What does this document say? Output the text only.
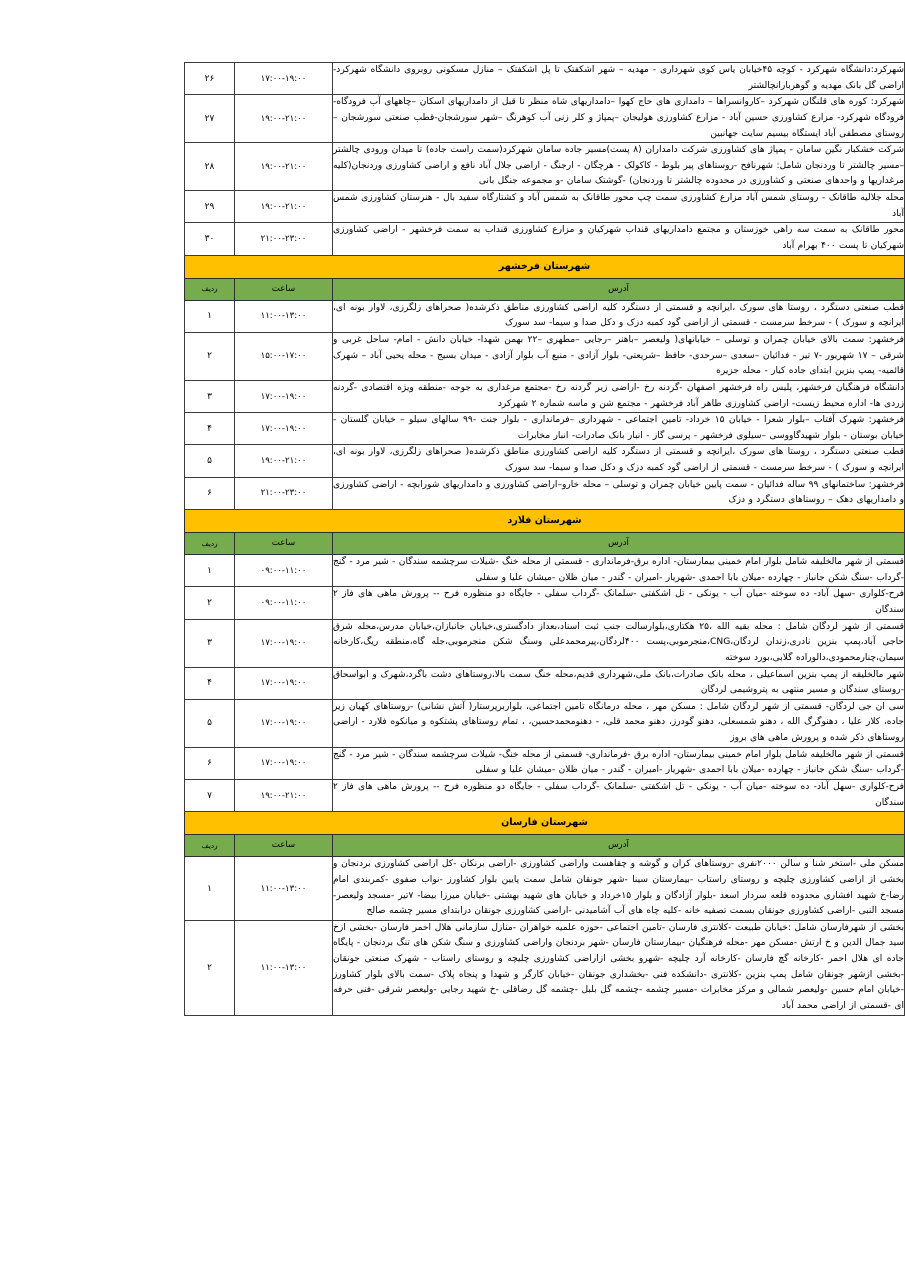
شهرکرد:دانشگاه شهرکرد - کوچه ۴۵خیابان یاس کوی شهرداری - مهدیه – شهر اشکفتک تا پل اشکفتک – منازل مسکونی روبروی دانشگاه شهرکرد-اراضی گل بانک مهدیه و گوهربارانچالشتر	۱۷:۰۰-۱۹:۰۰	۲۶
شهرکرد: کوره های قلنگان شهرکرد –کاروانسراها – دامداری های حاج کهوا –دامداریهای شاه منظر تا قبل از دامداریهای اسکان –چاههای آب فرودگاه-فرودگاه شهرکرد- مزارع کشاورزی حسین آباد - مزارع کشاورزی هولیجان –پمپاژ و کلر زنی آب کوهرنگ –شهر سورشجان-قطب صنعتی سورشجان –روستای مصطفی آباد ایستگاه بیسیم سایت جهانبین	۱۹:۰۰-۲۱:۰۰	۲۷
شرکت خشکبار نگین سامان - پمپاژ های کشاورزی شرکت دامداران (۸ پست)مسیر جاده سامان شهرکرد(سمت راست جاده) تا میدان ورودی چالشتر –مسیر چالشتر تا وردنجان شامل: شهرنافح -روستاهای پیر بلوط - کاکولک - هرچگان - ارجنگ - اراضی جلال آباد نافع و اراضی کشاورزی وردنجان(کلیه مرغداریها و واحدهای صنعتی و کشاورزی در محدوده چالشتر تا وردنجان) -گوشتک سامان -و مجموعه جنگل بانی	۱۹:۰۰-۲۱:۰۰	۲۸
محله جلالیه طاقانک - روستای شمس آباد مزارع کشاورزی سمت چپ محور طاقانک به شمس آباد و کشتارگاه سفید بال - هنرستان کشاورزی شمس آباد	۱۹:۰۰-۲۱:۰۰	۲۹
محور طاقانک به سمت سه راهی خوزستان و مجتمع دامداریهای قنداب شهرکیان و مزارع کشاورزی قنداب به سمت فرخشهر - اراضی کشاورزی شهرکیان تا پست ۴۰۰ بهرام آباد	۲۱:۰۰-۲۳:۰۰	۳۰
شهرستان فرخشهر		
آدرس	ساعت	ردیف
قطب صنعتی دستگرد ، روستا های سورک ،ایرانچه و قسمتی از دستگرد کلیه اراضی کشاورزی مناطق ذکرشده( صحراهای زلگرزی، لاوار بونه ای، ایرانچه و سورک ) - سرخط سرمست - قسمتی از اراضی گود کمبه دزک و دکل صدا و سیما- سد سورک	۱۱:۰۰-۱۳:۰۰	۱
فرخشهر: سمت بالای خیابان چمران و توسلی – خیابانهای( ولیعصر –باهنر –رجایی –مطهری –۲۲ بهمن شهدا- خیابان دانش - امام- ساحل غربی و شرقی – ۱۷ شهریور -۷ تیر - فدائیان –سعدی –سرحدی- حافظ –شریعتی- بلوار آزادی - منبع آب بلوار آزادی - میدان بسیج - محله یحیی آباد – شهرک قائمیه- پمپ بنزین ابتدای جاده کیار - محله جزیره	۱۵:۰۰-۱۷:۰۰	۲
دانشگاه فرهنگیان فرخشهر، پلیس راه فرخشهر اصفهان -گردنه رخ -اراضی زیر گردنه رخ -مجتمع مرغداری به جوجه -منطقه ویژه اقتصادی -گردنه زردی ها- اداره محیط زیست- اراضی کشاورزی طاهر آباد فرخشهر - مجتمع شن و ماسه شماره ۲ شهرکرد	۱۷:۰۰-۱۹:۰۰	۳
فرخشهر: شهرک آفتاب –بلوار شعرا - خیابان ۱۵ خرداد- تامین اجتماعی - شهرداری –فرمانداری - بلوار جنت -۹۹ سالهای سیلو – خیابان گلستان - خیابان بوستان - بلوار شهیدگاووسی –سیلوی فرخشهر - پرسی گاز - انبار بانک صادرات- انبار مخابرات	۱۷:۰۰-۱۹:۰۰	۴
قطب صنعتی دستگرد ، روستا های سورک ،ایرانچه و قسمتی از دستگرد کلیه اراضی کشاورزی مناطق ذکرشده( صحراهای زلگرزی، لاوار بونه ای، ایرانچه و سورک ) - سرخط سرمست - قسمتی از اراضی گود کمبه دزک و دکل صدا و سیما- سد سورک	۱۹:۰۰-۲۱:۰۰	۵
فرخشهر: ساختمانهای ۹۹ ساله فدائیان - سمت پایین خیابان چمران و توسلی – محله خارو–اراضی کشاورزی و دامداریهای شورابچه - اراضی کشاورزی و دامداریهای دهک – روستاهای دستگرد و دزک	۲۱:۰۰-۲۳:۰۰	۶
شهرستان فلارد		
آدرس	ساعت	ردیف
قسمتی از شهر مالخلیفه شامل بلوار امام خمینی بیمارستان- اداره برق-فرمانداری - قسمتی از محله خنگ -شیلات سرچشمه سندگان - شیر مرد - گنج -گرداب -سنگ شکن جانباز - چهارده -میلان بابا احمدی -شهریار -امیران - گندر - میان ظلان -میشان علیا و سفلی	۰۹:۰۰-۱۱:۰۰	۱
فرح-کلواری -سهل آباد- ده سوخته -میان آب - یونکی - تل اشکفتی -سلمانک -گرداب سفلی - جایگاه دو منظوره فرح -- پرورش ماهی های فاز ۲ سندگان	۰۹:۰۰-۱۱:۰۰	۲
قسمتی از شهر لردگان شامل : محله بقیه الله ،۲۵ هکتاری،بلوارسالت جنب ثبت اسناد،بعداز دادگستری،خیابان جانبازان،خیابان مدرس،محله شرق حاجی آباد،پمپ بنزین نادری،زندان لردگان،CNG،منجرموبی،پست ۴۰۰لردگان،پیرمحمدعلی وسنگ شکن منجرموبی،جله گاه،منطقه ریگ،کارخانه سیمان،چنارمحمودی،دالوراده گلابی،بورد سوخته	۱۷:۰۰-۱۹:۰۰	۳
شهر مالخلیفه از پمپ بنزین اسماعیلی ، محله بانک صادرات،بانک ملی،شهرداری قدیم،محله خنگ سمت بالا،روستاهای دشت باگرد،شهرک و ابواسحاق -روستای سندگان و مسیر منتهی به پتروشیمی لردگان	۱۷:۰۰-۱۹:۰۰	۴
سی ان جی لردگان- قسمتی از شهر لردگان شامل : مسکن مهر ، محله درمانگاه تامین اجتماعی، بلواربرپرستار( آتش نشانی) -روستاهای کهیان زیر جاده، کلار علیا ، دهنوگرگ الله ، دهنو شمسعلی، دهنو گودرز، دهنو محمد قلی، - دهنومحمدحسین، ، تمام روستاهای پشتکوه و میانکوه فلارد - اراضی روستاهای ذکر شده و پرورش ماهی های بروز	۱۷:۰۰-۱۹:۰۰	۵
قسمتی از شهر مالخلیفه شامل بلوار امام خمینی بیمارستان- اداره برق -فرمانداری- قسمتی از محله خنگ- شیلات سرچشمه سندگان - شیر مرد - گنج -گرداب -سنگ شکن جانباز - چهارده -میلان بابا احمدی -شهریار -امیران - گندر - میان ظلان -میشان علیا و سفلی	۱۷:۰۰-۱۹:۰۰	۶
فرح-کلواری -سهل آباد- ده سوخته -میان آب - یونکی - تل اشکفتی -سلمانک -گرداب سفلی - جایگاه دو منظوره فرح -- پرورش ماهی های فاز ۲ سندگان	۱۹:۰۰-۲۱:۰۰	۷
شهرستان فارسان		
آدرس	ساعت	ردیف
مسکن ملی -استخر شنا و سالن ۲۰۰۰نفری -روستاهای کران و گوشه و چقاهست واراضی کشاورزی -اراضی برنکان -کل اراضی کشاورزی بردنجان و بخشی از اراضی کشاورزی چلیچه و روستای راستاب -بیمارستان سینا -شهر جونقان شامل سمت پایین بلوار کشاورز -نواب صفوی -کمربندی امام رضا-خ شهید افشاری محدوده قلعه سردار اسعد -بلوار آزادگان و بلوار ۱۵خرداد و خیابان های شهید بهشتی -خیابان میرزا بیضا- ۷تیر -مسجد ولیعصر-مسجد النبی -اراضی کشاورزی جونقان بسمت تصفیه خانه -کلیه چاه های آب آشامیدنی -اراضی کشاورزی جونقان درابتدای مسیر چشمه صالح	۱۱:۰۰-۱۳:۰۰	۱
بخشی از شهرفارسان شامل :خیابان طبیعت -کلانتری فارسان -تامین اجتماعی -حوزه علمیه خواهران -منازل سازمانی هلال احمر فارسان -بخشی ازخ سید جمال الدین و خ ارتش -مسکن مهر -محله فرهنگیان -بیمارستان فارسان -شهر بردنجان واراضی کشاورزی و سنگ شکن های تنگ بردنجان - پایگاه جاده ای هلال احمر -کارخانه گچ فارسان -کارخانه آرد چلیچه -شهرو بخشی ازاراضی کشاورزی چلیچه و روستای راستاب - شهرک صنعتی جونقان -بخشی ازشهر جونقان شامل پمپ بنزین -کلانتری -دانشکده فنی -بخشداری جونقان -خیابان کارگر و شهدا و پنجاه پلاک -سمت بالای بلوار کشاورز -خیابان امام حسین -ولیعصر شمالی و مرکز مخابرات -مسیر چشمه -چشمه گل بلبل -چشمه گل رضاقلی -خ شهید رجایی -ولیعصر شرقی -فنی حرفه ای -قسمتی از اراضی محمد آباد	۱۱:۰۰-۱۳:۰۰	۲
